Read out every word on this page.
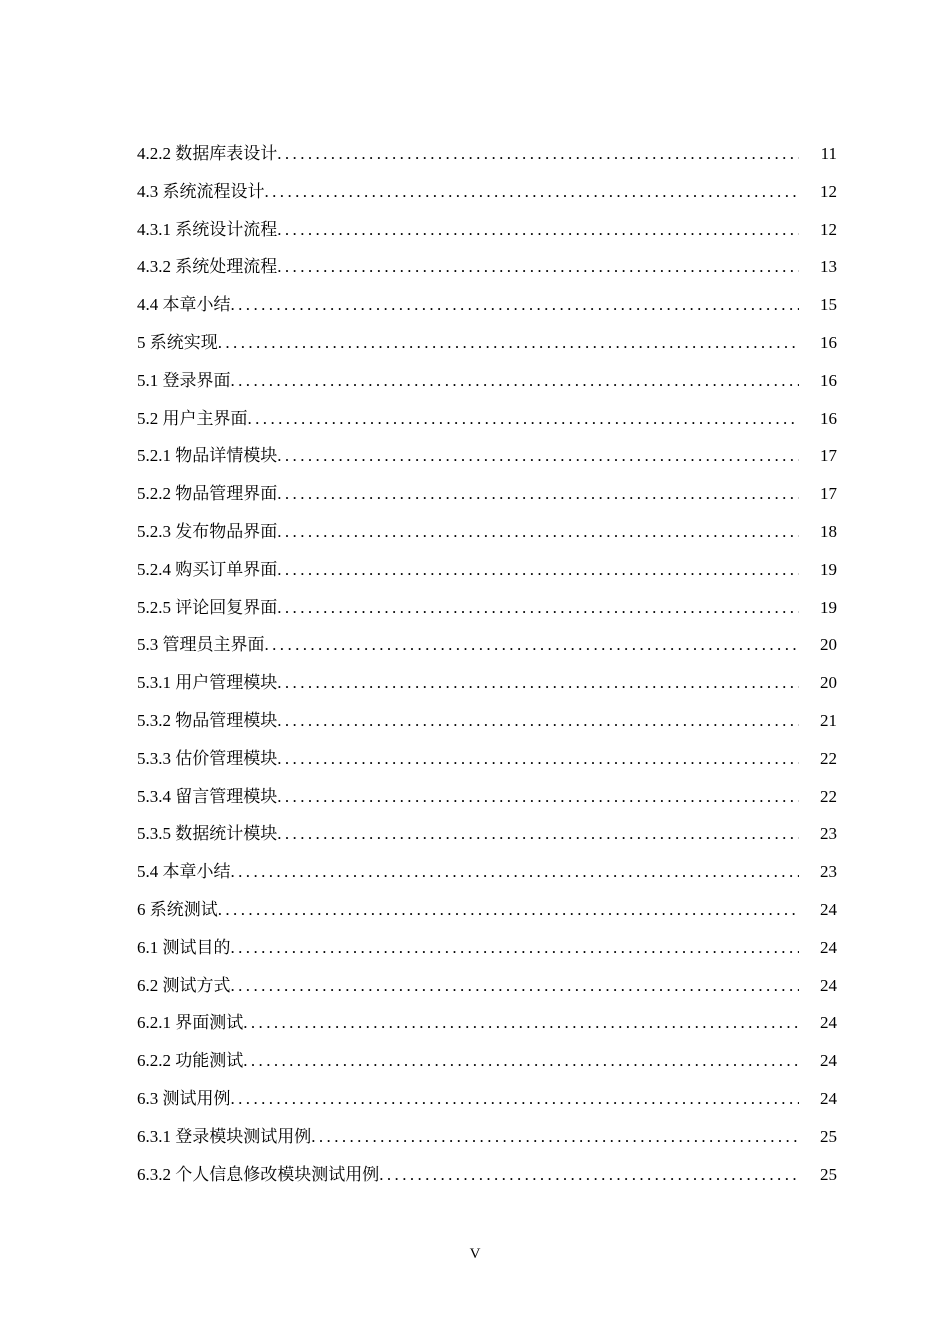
4.2.2 数据库表设计 .....	11
4.3 系统流程设计 .....	12
4.3.1 系统设计流程 .....	12
4.3.2 系统处理流程 .....	13
4.4 本章小结 .....	15
5 系统实现 .....	16
5.1 登录界面 .....	16
5.2 用户主界面 .....	16
5.2.1 物品详情模块 .....	17
5.2.2 物品管理界面 .....	17
5.2.3 发布物品界面 .....	18
5.2.4 购买订单界面 .....	19
5.2.5 评论回复界面 .....	19
5.3 管理员主界面 .....	20
5.3.1 用户管理模块 .....	20
5.3.2 物品管理模块 .....	21
5.3.3 估价管理模块 .....	22
5.3.4 留言管理模块 .....	22
5.3.5 数据统计模块 .....	23
5.4 本章小结 .....	23
6 系统测试 .....	24
6.1 测试目的 .....	24
6.2 测试方式 .....	24
6.2.1 界面测试 .....	24
6.2.2 功能测试 .....	24
6.3 测试用例 .....	24
6.3.1 登录模块测试用例 .....	25
6.3.2 个人信息修改模块测试用例 .....	25
V
